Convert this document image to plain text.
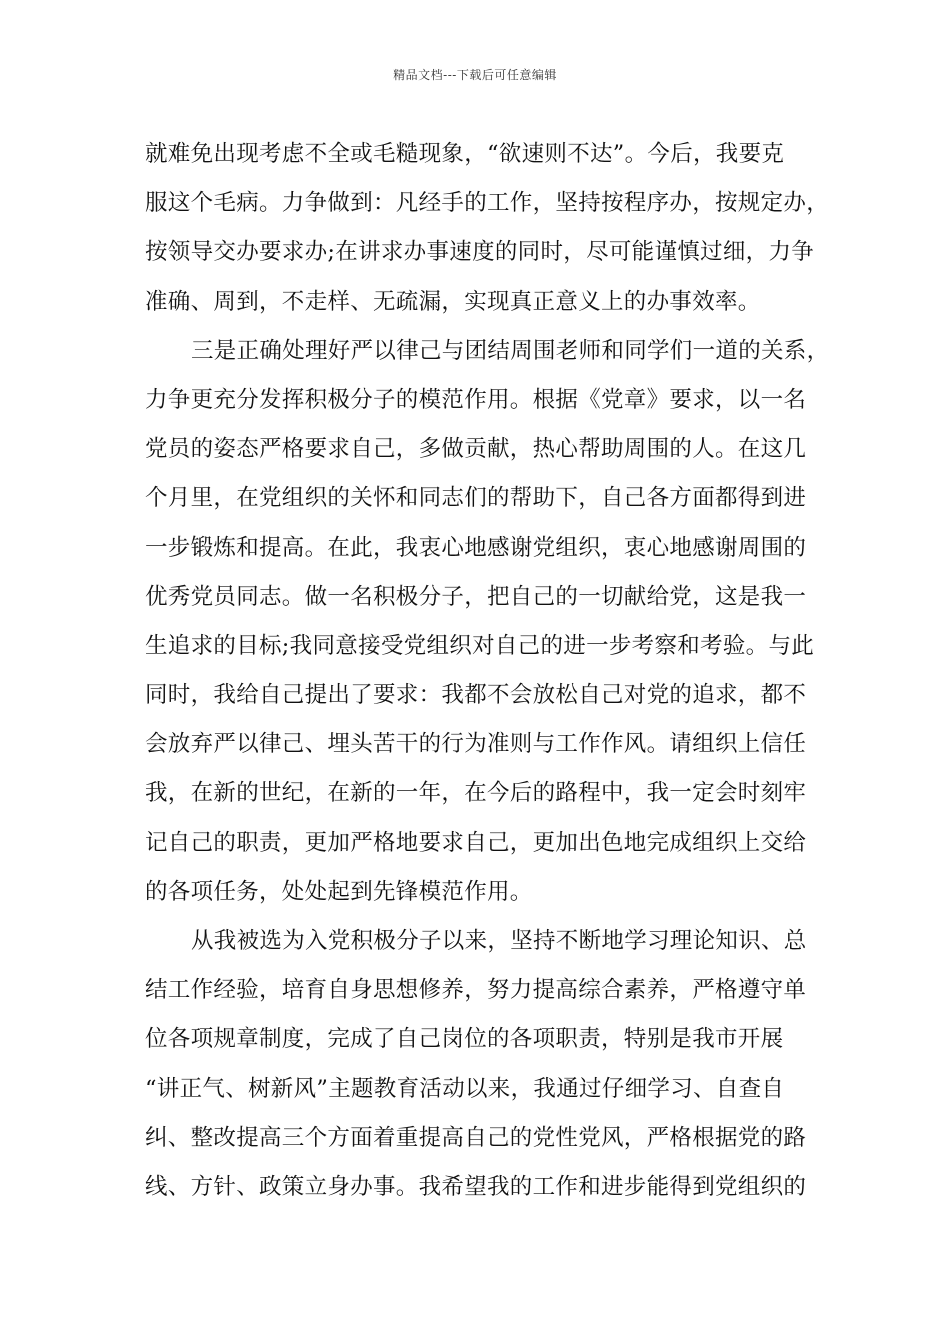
精品文档---下载后可任意编辑
就难免出现考虑不全或毛糙现象，“欲速则不达”。今后，我要克
服这个毛病。力争做到：凡经手的工作，坚持按程序办，按规定办，
按领导交办要求办;在讲求办事速度的同时，尽可能谨慎过细，力争
准确、周到，不走样、无疏漏，实现真正意义上的办事效率。
三是正确处理好严以律己与团结周围老师和同学们一道的关系，
力争更充分发挥积极分子的模范作用。根据《党章》要求，以一名
党员的姿态严格要求自己，多做贡献，热心帮助周围的人。在这几
个月里，在党组织的关怀和同志们的帮助下，自己各方面都得到进
一步锻炼和提高。在此，我衷心地感谢党组织，衷心地感谢周围的
优秀党员同志。做一名积极分子，把自己的一切献给党，这是我一
生追求的目标;我同意接受党组织对自己的进一步考察和考验。与此
同时，我给自己提出了要求：我都不会放松自己对党的追求，都不
会放弃严以律己、埋头苦干的行为准则与工作作风。请组织上信任
我，在新的世纪，在新的一年，在今后的路程中，我一定会时刻牢
记自己的职责，更加严格地要求自己，更加出色地完成组织上交给
的各项任务，处处起到先锋模范作用。
从我被选为入党积极分子以来，坚持不断地学习理论知识、总
结工作经验，培育自身思想修养，努力提高综合素养，严格遵守单
位各项规章制度，完成了自己岗位的各项职责，特别是我市开展
“讲正气、树新风”主题教育活动以来，我通过仔细学习、自查自
纠、整改提高三个方面着重提高自己的党性党风，严格根据党的路
线、方针、政策立身办事。我希望我的工作和进步能得到党组织的
